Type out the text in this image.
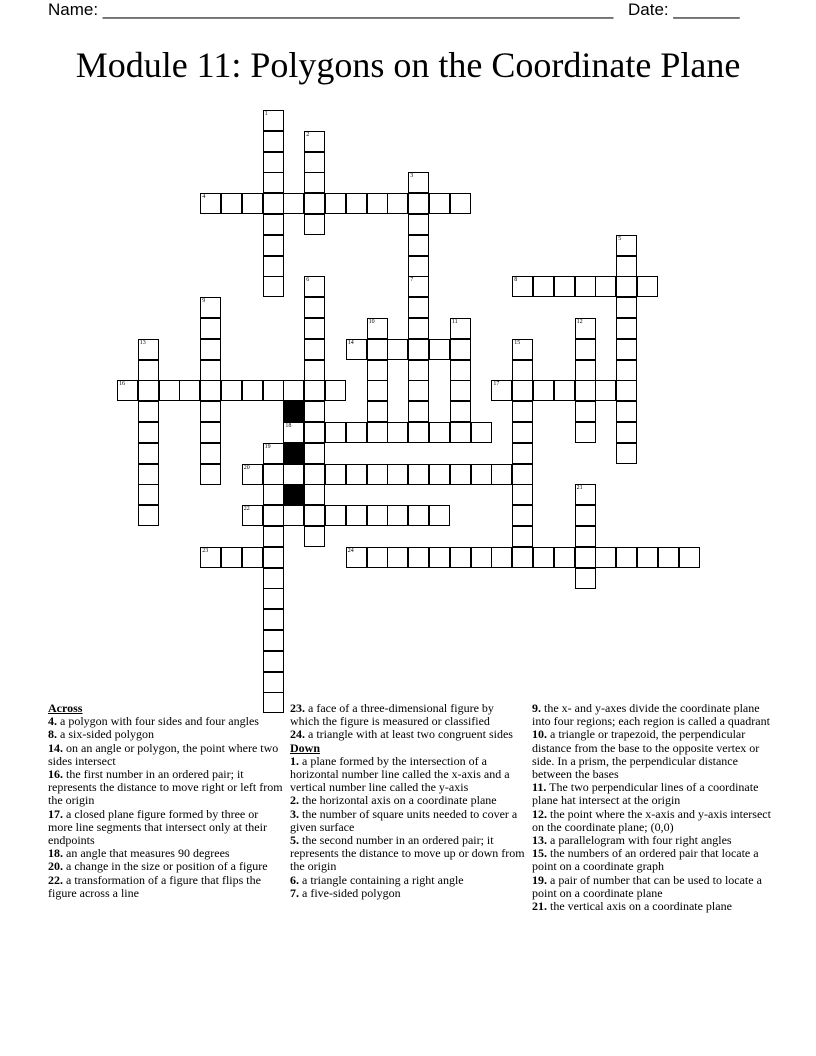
Name: ______________________________________________________ Date: _______
Module 11: Polygons on the Coordinate Plane
1
2
3
4
5
6	7	8
9
10	11	12
13	14	15
16	17
18
19
20
21
22
23	24

Across

4. a polygon with four sides and four angles

8. a six-sided polygon

14. on an angle or polygon, the point where two sides intersect

16. the first number in an ordered pair; it represents the distance to move right or left from the origin

17. a closed plane figure formed by three or more line segments that intersect only at their endpoints

18. an angle that measures 90 degrees

20. a change in the size or position of a figure

22. a transformation of a figure that flips the figure across a line

23. a face of a three-dimensional figure by which the figure is measured or classified

24. a triangle with at least two congruent sides

Down

1. a plane formed by the intersection of a horizontal number line called the x-axis and a vertical number line called the y-axis

2. the horizontal axis on a coordinate plane

3. the number of square units needed to cover a given surface

5. the second number in an ordered pair; it represents the distance to move up or down from the origin

6. a triangle containing a right angle

7. a five-sided polygon

9. the x- and y-axes divide the coordinate plane into four regions; each region is called a quadrant

10. a triangle or trapezoid, the perpendicular distance from the base to the opposite vertex or side. In a prism, the perpendicular distance between the bases

11. The two perpendicular lines of a coordinate plane hat intersect at the origin

12. the point where the x-axis and y-axis intersect on the coordinate plane; (0,0)

13. a parallelogram with four right angles

15. the numbers of an ordered pair that locate a point on a coordinate graph

19. a pair of number that can be used to locate a point on a coordinate plane

21. the vertical axis on a coordinate plane
